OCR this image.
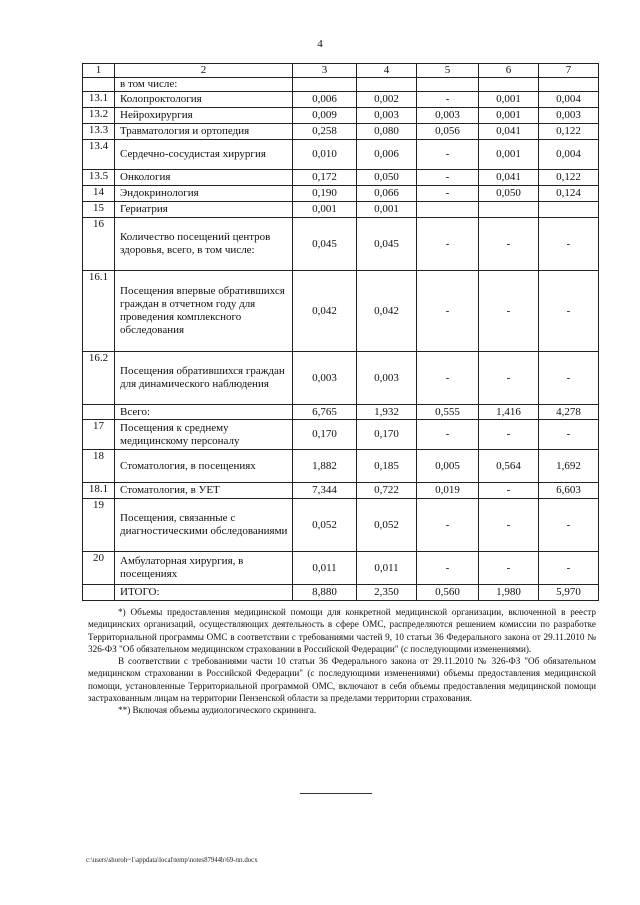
4
1	2	3	4	5	6	7
	в том числе:					
13.1	Колопроктология	0,006	0,002	-	0,001	0,004
13.2	Нейрохирургия	0,009	0,003	0,003	0,001	0,003
13.3	Травматология и ортопедия	0,258	0,080	0,056	0,041	0,122
13.4	Сердечно-сосудистая хирургия	0,010	0,006	-	0,001	0,004
13.5	Онкология	0,172	0,050	-	0,041	0,122
14	Эндокринология	0,190	0,066	-	0,050	0,124
15	Гериатрия	0,001	0,001			
16	Количество посещений центров здоровья, всего, в том числе:	0,045	0,045	-	-	-
16.1	Посещения впервые обратившихся граждан в отчетном году для проведения комплексного обследования	0,042	0,042	-	-	-
16.2	Посещения обратившихся граждан для динамического наблюдения	0,003	0,003	-	-	-
	Всего:	6,765	1,932	0,555	1,416	4,278
17	Посещения к среднему медицинскому персоналу	0,170	0,170	-	-	-
18	Стоматология, в посещениях	1,882	0,185	0,005	0,564	1,692
18.1	Стоматология, в УЕТ	7,344	0,722	0,019	-	6,603
19	Посещения, связанные с диагностическими обследованиями	0,052	0,052	-	-	-
20	Амбулаторная хирургия, в посещениях	0,011	0,011	-	-	-
	ИТОГО:	8,880	2,350	0,560	1,980	5,970

*) Объемы предоставления медицинской помощи для конкретной медицинской организации, включенной в реестр медицинских организаций, осуществляющих деятельность в сфере ОМС, распределяются решением комиссии по разработке Территориальной программы ОМС в соответствии с требованиями частей 9, 10 статьи 36 Федерального закона от 29.11.2010 № 326-ФЗ "Об обязательном медицинском страховании в Российской Федерации" (с последующими изменениями).

В соответствии с требованиями части 10 статьи 36 Федерального закона от 29.11.2010 № 326-ФЗ "Об обязательном медицинском страховании в Российской Федерации" (с последующими изменениями) объемы предоставления медицинской помощи, установленные Территориальной программой ОМС, включают в себя объемы предоставления медицинской помощи застрахованным лицам на территории Пензенской области за пределами территории страхования.

**) Включая объемы аудиологического скрининга.

c:\users\shoroh~1\appdata\local\temp\notes87944b\69-пп.docx
